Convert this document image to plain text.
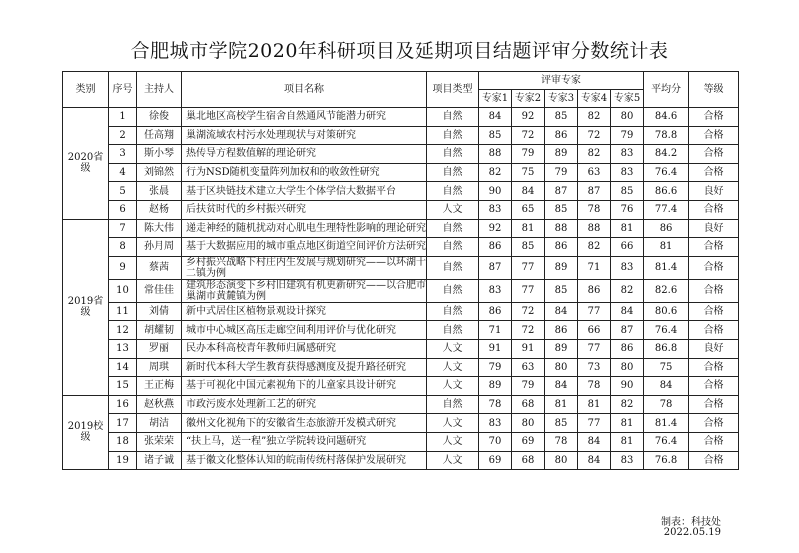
合肥城市学院2020年科研项目及延期项目结题评审分数统计表
类别	序号	主持人	项目名称	项目类型	评审专家					平均分	等级
					专家1	专家2	专家3	专家4	专家5		
2020省级	1	徐俊	巢北地区高校学生宿舍自然通风节能潜力研究	自然	84	92	85	82	80	84.6	合格
	2	任高翔	巢湖流域农村污水处理现状与对策研究	自然	85	72	86	72	79	78.8	合格
	3	斯小琴	热传导方程数值解的理论研究	自然	88	79	89	82	83	84.2	合格
	4	刘锦然	行为NSD随机变量阵列加权和的收敛性研究	自然	82	75	79	63	83	76.4	合格
	5	张晨	基于区块链技术建立大学生个体学信大数据平台	自然	90	84	87	87	85	86.6	良好
	6	赵杨	后扶贫时代的乡村振兴研究	人文	83	65	85	78	76	77.4	合格
2019省级	7	陈大伟	递走神经的随机扰动对心肌电生理特性影响的理论研究	自然	92	81	88	88	81	86	良好
	8	孙月周	基于大数据应用的城市重点地区街道空间评价方法研究	自然	86	85	86	82	66	81	合格
	9	蔡茜	乡村振兴战略下村庄内生发展与规划研究——以环湖十二镇为例	自然	87	77	89	71	83	81.4	合格
	10	常佳佳	建筑形态演变下乡村旧建筑有机更新研究——以合肥市巢湖市黄麓镇为例	自然	83	77	85	86	82	82.6	合格
	11	刘倩	新中式居住区植物景观设计探究	自然	86	72	84	77	84	80.6	合格
	12	胡耀韧	城市中心城区高压走廊空间利用评价与优化研究	自然	71	72	86	66	87	76.4	合格
	13	罗丽	民办本科高校青年教师归属感研究	人文	91	91	89	77	86	86.8	良好
	14	周琪	新时代本科大学生教育获得感测度及提升路径研究	人文	79	63	80	73	80	75	合格
	15	王正梅	基于可视化中国元素视角下的儿童家具设计研究	人文	89	79	84	78	90	84	合格
2019校级	16	赵秋燕	市政污废水处理新工艺的研究	自然	78	68	81	81	82	78	合格
	17	胡洁	徽州文化视角下的安徽省生态旅游开发模式研究	人文	83	80	85	77	81	81.4	合格
	18	张荣荣	“扶上马，送一程”独立学院转设问题研究	人文	70	69	78	84	81	76.4	合格
	19	诸子诚	基于徽文化整体认知的皖南传统村落保护发展研究	人文	69	68	80	84	83	76.8	合格
制表：科技处
2022.05.19
